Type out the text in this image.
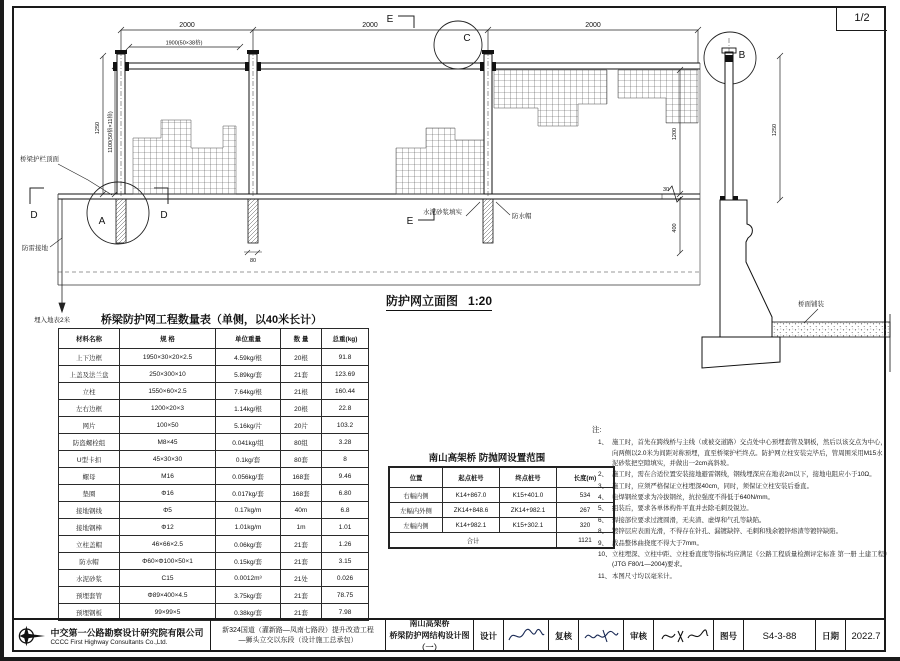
1/2
2000	2000	2000
1900(50×38格)
1250	1100(50格×11格)
80
1200
400
30
A
C
D	D
E
E
桥梁护栏顶面
防雷接地
埋入地表2米
水泥砂浆填实
防水帽
防护网立面图 1:20
B
1250
桥面铺装
桥梁防护网工程数量表（单侧，以40米长计）
材料名称	规 格	单位重量	数 量	总重(kg)
上下边框	1950×30×20×2.5	4.59kg/根	20根	91.8
上盖及法兰盘	250×300×10	5.89kg/套	21套	123.69
立柱	1550×60×2.5	7.64kg/根	21根	160.44
左右边框	1200×20×3	1.14kg/根	20根	22.8
网片	100×50	5.16kg/片	20片	103.2
防盗螺栓组	M8×45	0.041kg/组	80组	3.28
U型卡扣	45×30×30	0.1kg/套	80套	8
螺母	M16	0.056kg/套	168套	9.46
垫圈	Φ16	0.017kg/套	168套	6.80
接地钢线	Φ5	0.17kg/m	40m	6.8
接地钢棒	Φ12	1.01kg/m	1m	1.01
立柱盖帽	46×66×2.5	0.06kg/套	21套	1.26
防水帽	Φ60×Φ100×50×1	0.15kg/套	21套	3.15
水泥砂浆	C15	0.0012m³	21处	0.026
预埋套管	Φ89×400×4.5	3.75kg/套	21套	78.75
预埋钢板	99×99×5	0.38kg/套	21套	7.98
南山高架桥 防抛网设置范围
位置	起点桩号	终点桩号	长度(m)
右幅内侧	K14+867.0	K15+401.0	534
左幅内外侧	ZK14+848.6	ZK14+982.1	267
左幅内侧	K14+982.1	K15+302.1	320
合计			1121
注:
1、 施工时，首先在跨线桥与主线（或被交道路）交点处中心预埋套管及钢板，然后以该交点为中心，向两侧以2.0米为间距对称预埋，直至桥梁护栏终点。防护网立柱安装完毕后，管周围采用M15水泥砂浆把空隙填实，并做出一2cm高斜坡。
2、 施工时，需在合适位置安装接地避雷钢线，钢线埋深应在地表2m以下，接地电阻应小于10Ω。
3、 施工时，应须严格保证立柱埋深40cm，同时，须保证立柱安装后垂直。
4、 电焊钢丝要求为冷拔钢丝，抗拉强度不得低于640N/mm。
5、 组装后，要求各单体构件平直并去除毛刺及锐边。
6、 焊接部位要求过渡圆滑，无夹渣、虚焊和气孔等缺陷。
8、 镀锌层应表面光滑，不得存在针孔、漏镀缺锌、毛刺和残余镀锌熔渣等镀锌缺陷。
9、 成品整体曲挠度不得大于7mm。
10、 立柱埋深、立柱中距、立柱垂直度等指标均应满足《公路工程质量检测评定标准 第一册 土建工程》(JTG F80/1—2004)要求。
11、 本图尺寸均以毫米计。
中交第一公路勘察设计研究院有限公司
CCCC First Highway Consultants Co.,Ltd.
新324国道（灌新路—凤南七路段）提升改造工程
—狮头立交以东段（设计施工总承包）
南山高架桥
桥梁防护网结构设计图（一）
设计	复核	审核	图号	S4-3-88	日期	2022.7
